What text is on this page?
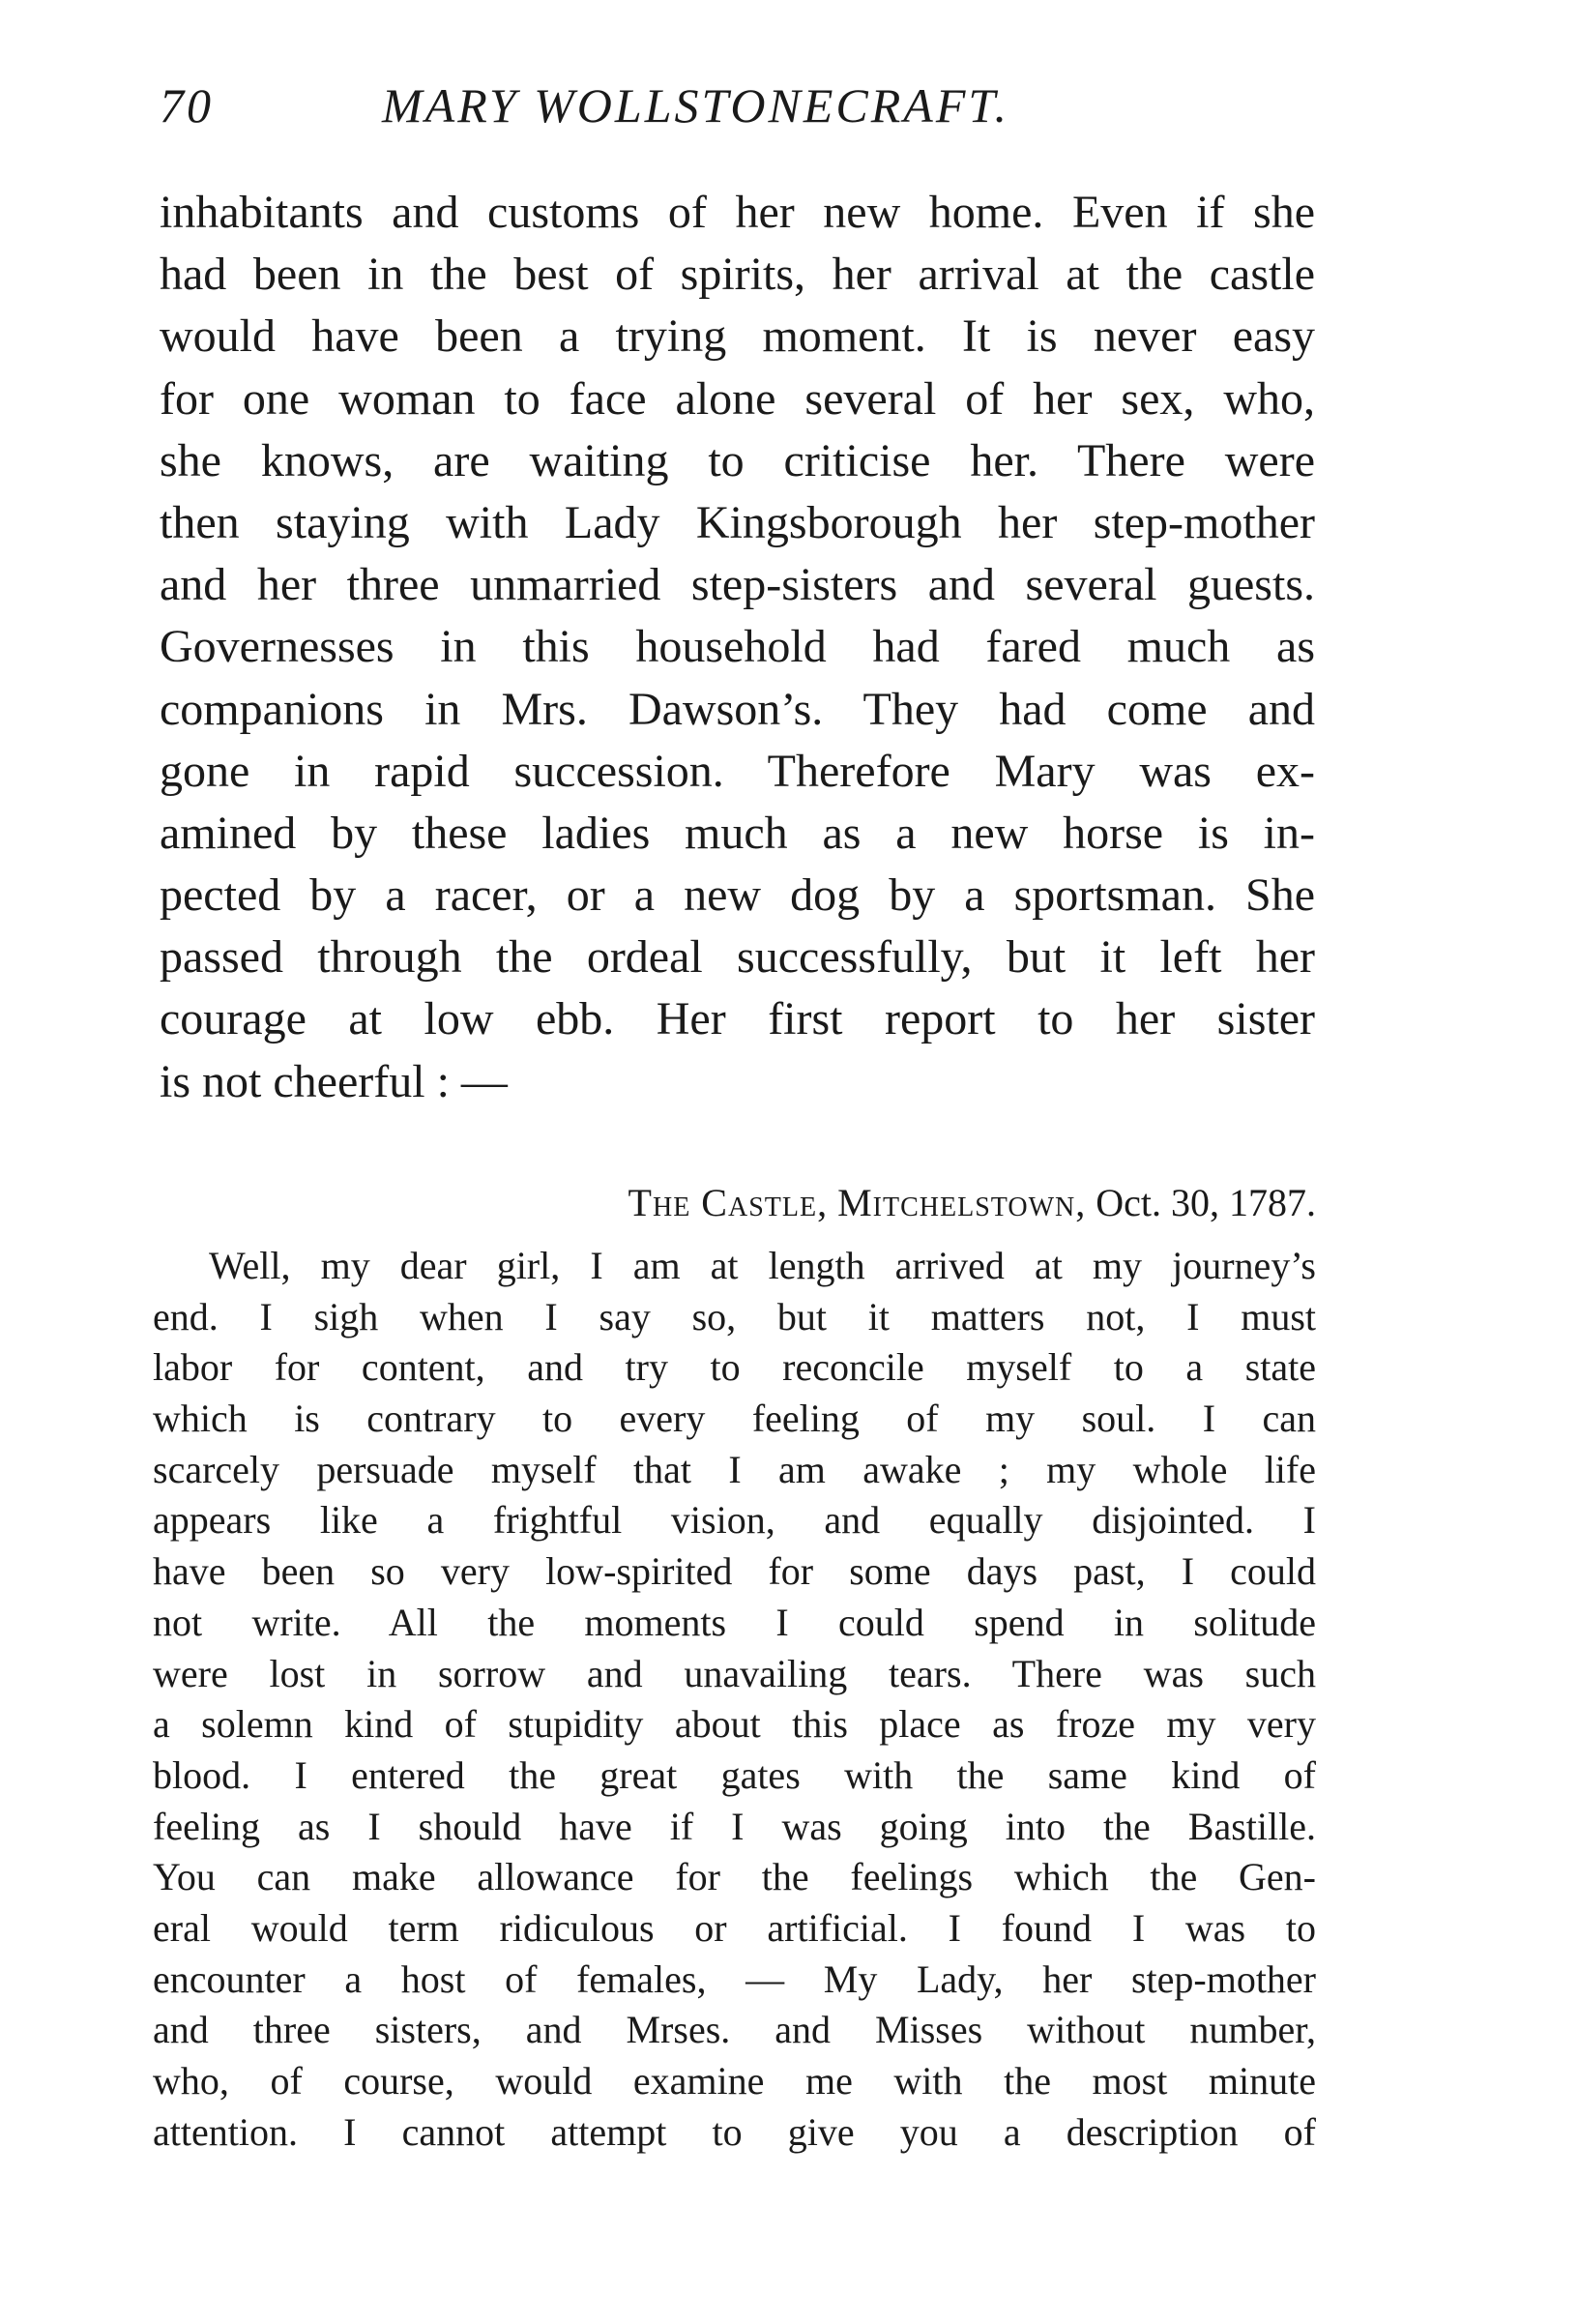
70	MARY WOLLSTONECRAFT.
inhabitants and customs of her new home. Even if she
had been in the best of spirits, her arrival at the castle
would have been a trying moment. It is never easy
for one woman to face alone several of her sex, who,
she knows, are waiting to criticise her. There were
then staying with Lady Kingsborough her step-mother
and her three unmarried step-sisters and several guests.
Governesses in this household had fared much as
companions in Mrs. Dawson’s. They had come and
gone in rapid succession. Therefore Mary was ex-
amined by these ladies much as a new horse is in-
pected by a racer, or a new dog by a sportsman. She
passed through the ordeal successfully, but it left her
courage at low ebb. Her first report to her sister
is not cheerful : —
The Castle, Mitchelstown, Oct. 30, 1787.
Well, my dear girl, I am at length arrived at my journey’s
end. I sigh when I say so, but it matters not, I must
labor for content, and try to reconcile myself to a state
which is contrary to every feeling of my soul. I can
scarcely persuade myself that I am awake ; my whole life
appears like a frightful vision, and equally disjointed. I
have been so very low-spirited for some days past, I could
not write. All the moments I could spend in solitude
were lost in sorrow and unavailing tears. There was such
a solemn kind of stupidity about this place as froze my very
blood. I entered the great gates with the same kind of
feeling as I should have if I was going into the Bastille.
You can make allowance for the feelings which the Gen-
eral would term ridiculous or artificial. I found I was to
encounter a host of females, — My Lady, her step-mother
and three sisters, and Mrses. and Misses without number,
who, of course, would examine me with the most minute
attention. I cannot attempt to give you a description of
